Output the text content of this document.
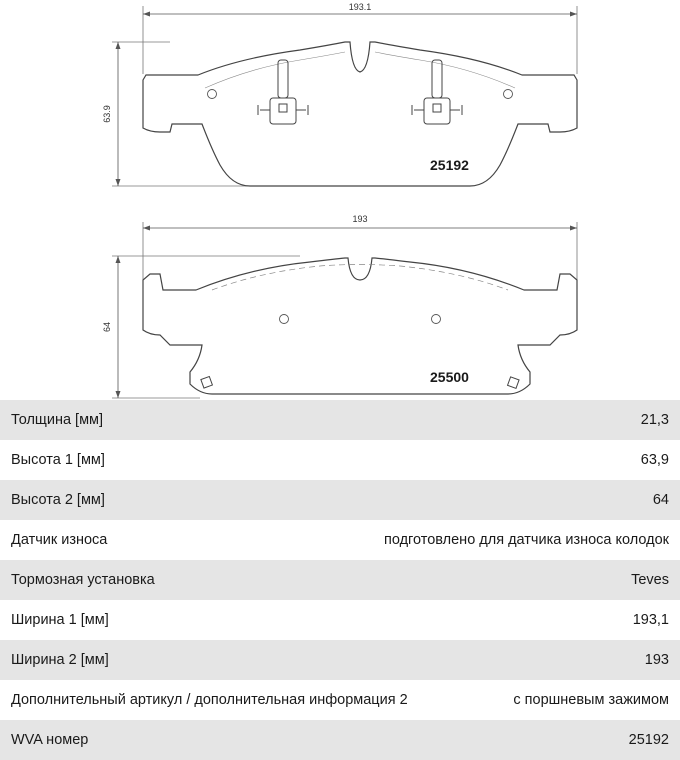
193.1
63.9
25192
193
64
25500
Толщина [мм]	21,3
Высота 1 [мм]	63,9
Высота 2 [мм]	64
Датчик износа	подготовлено для датчика износа колодок
Тормозная установка	Teves
Ширина 1 [мм]	193,1
Ширина 2 [мм]	193
Дополнительный артикул / дополнительная информация 2	с поршневым зажимом
WVA номер	25192
